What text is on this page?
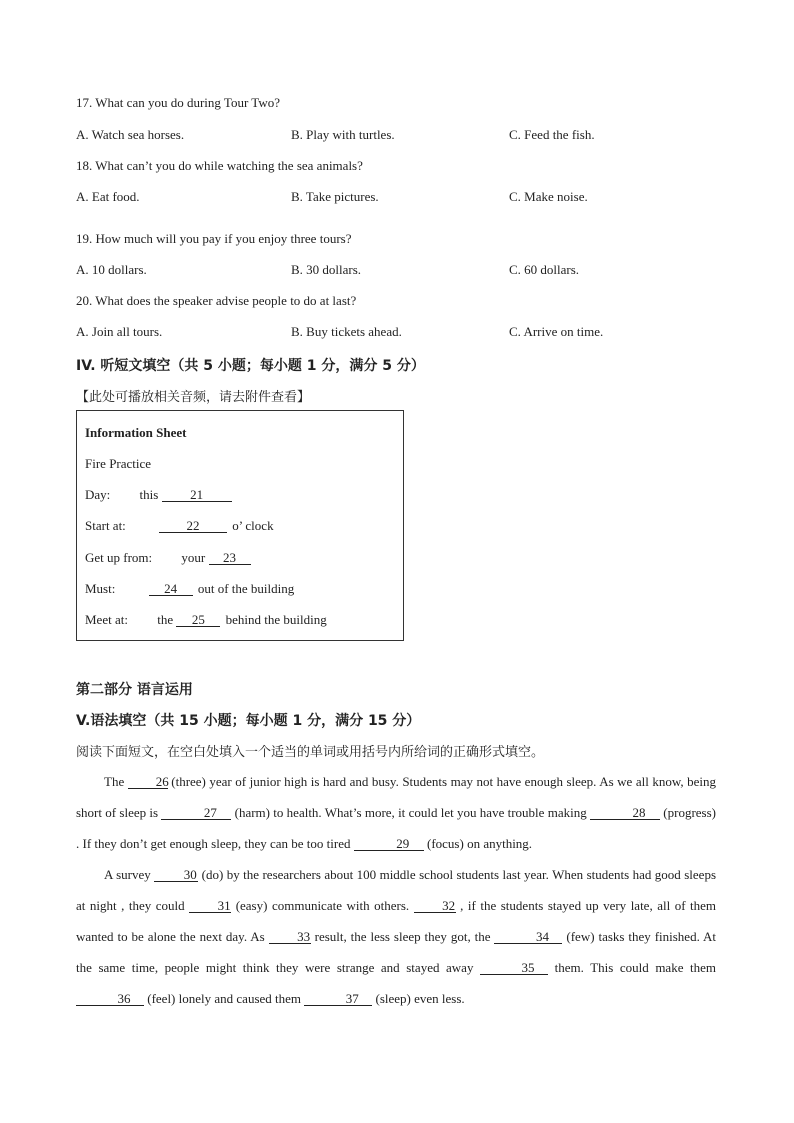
17. What can you do during Tour Two?
A. Watch sea horses.	B. Play with turtles.	C. Feed the fish.
18. What can’t you do while watching the sea animals?
A. Eat food.	B. Take pictures.	C. Make noise.
19. How much will you pay if you enjoy three tours?
A. 10 dollars.	B. 30 dollars.	C. 60 dollars.
20. What does the speaker advise people to do at last?
A. Join all tours.	B. Buy tickets ahead.	C. Arrive on time.
IV. 听短文填空（共 5 小题；每小题 1 分，满分 5 分）
【此处可播放相关音频，请去附件查看】
Information Sheet
Fire Practice
Day: this 21
Start at:	22	o’ clock
Get up from: your 23
Must:	24 out of the building
Meet at: the 25 behind the building
第二部分 语言运用
V.语法填空（共 15 小题；每小题 1 分，满分 15 分）
阅读下面短文，在空白处填入一个适当的单词或用括号内所给词的正确形式填空。

The 26 (three) year of junior high is hard and busy. Students may not have enough sleep. As we all know, being short of sleep is	27 (harm) to health. What’s more, it could let you have trouble making	28 (progress) . If they don’t get enough sleep, they can be too tired	29 (focus) on anything.

A survey	30 (do) by the researchers about 100 middle school students last year. When students had good sleeps at night , they could	31 (easy) communicate with others.	32 , if the students stayed up very late, all of them wanted to be alone the next day. As 33 result, the less sleep they got, the	34 (few) tasks they finished. At the same time, people might think they were strange and stayed away	35 them. This could make them 36 (feel) lonely and caused them	37 (sleep) even less.
